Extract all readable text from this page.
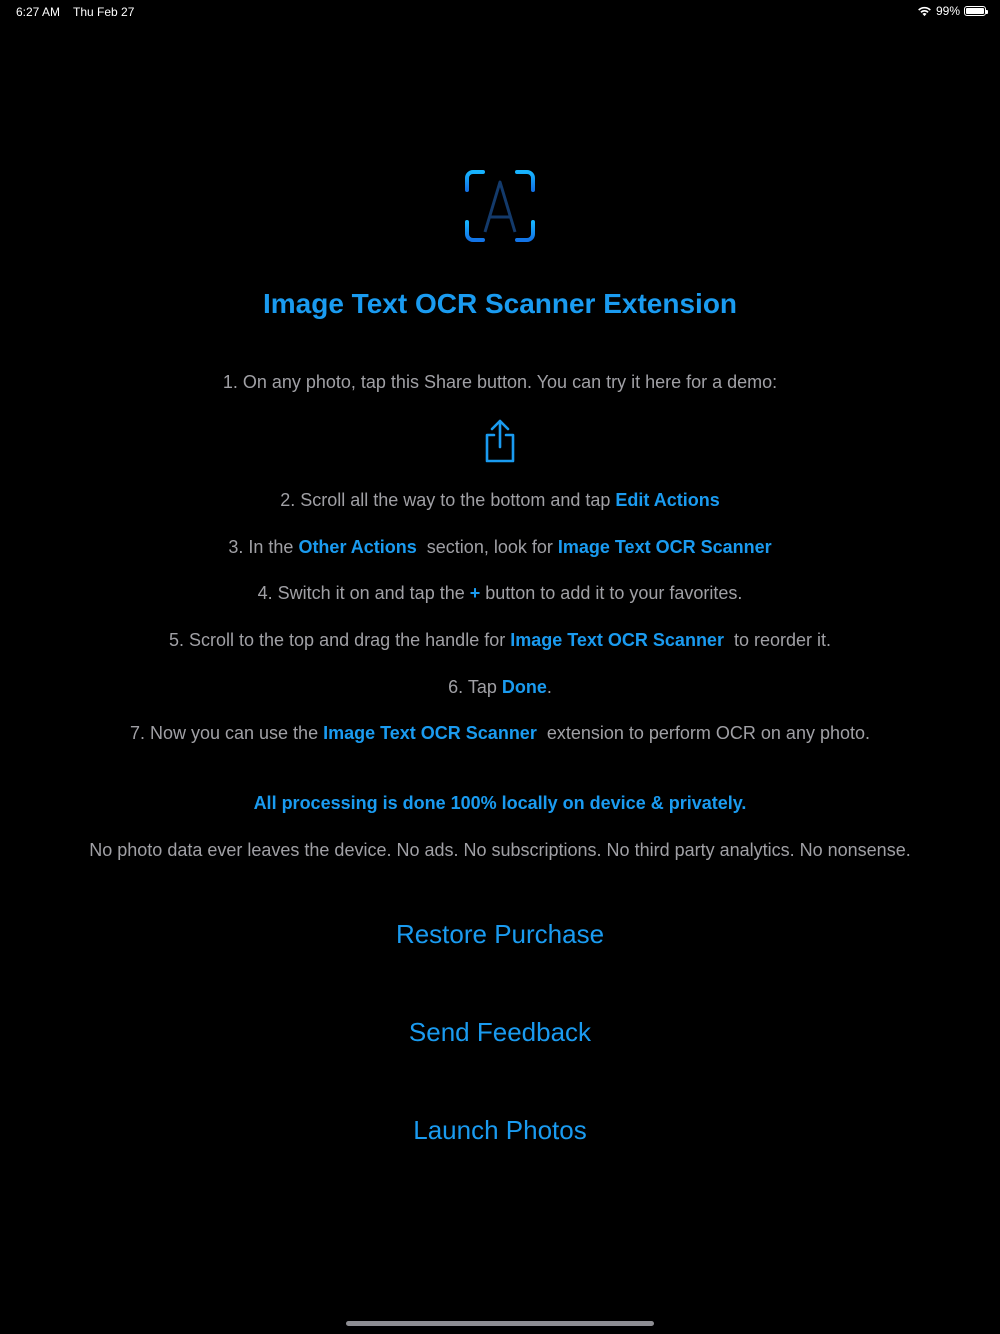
6:27 AM Thu Feb 27	99%
Image Text OCR Scanner Extension
1. On any photo, tap this Share button. You can try it here for a demo:
2. Scroll all the way to the bottom and tap Edit Actions
3. In the Other Actions  section, look for Image Text OCR Scanner
4. Switch it on and tap the + button to add it to your favorites.
5. Scroll to the top and drag the handle for Image Text OCR Scanner  to reorder it.
6. Tap Done.
7. Now you can use the Image Text OCR Scanner  extension to perform OCR on any photo.
All processing is done 100% locally on device & privately.
No photo data ever leaves the device. No ads. No subscriptions. No third party analytics. No nonsense.
Restore Purchase
Send Feedback
Launch Photos
